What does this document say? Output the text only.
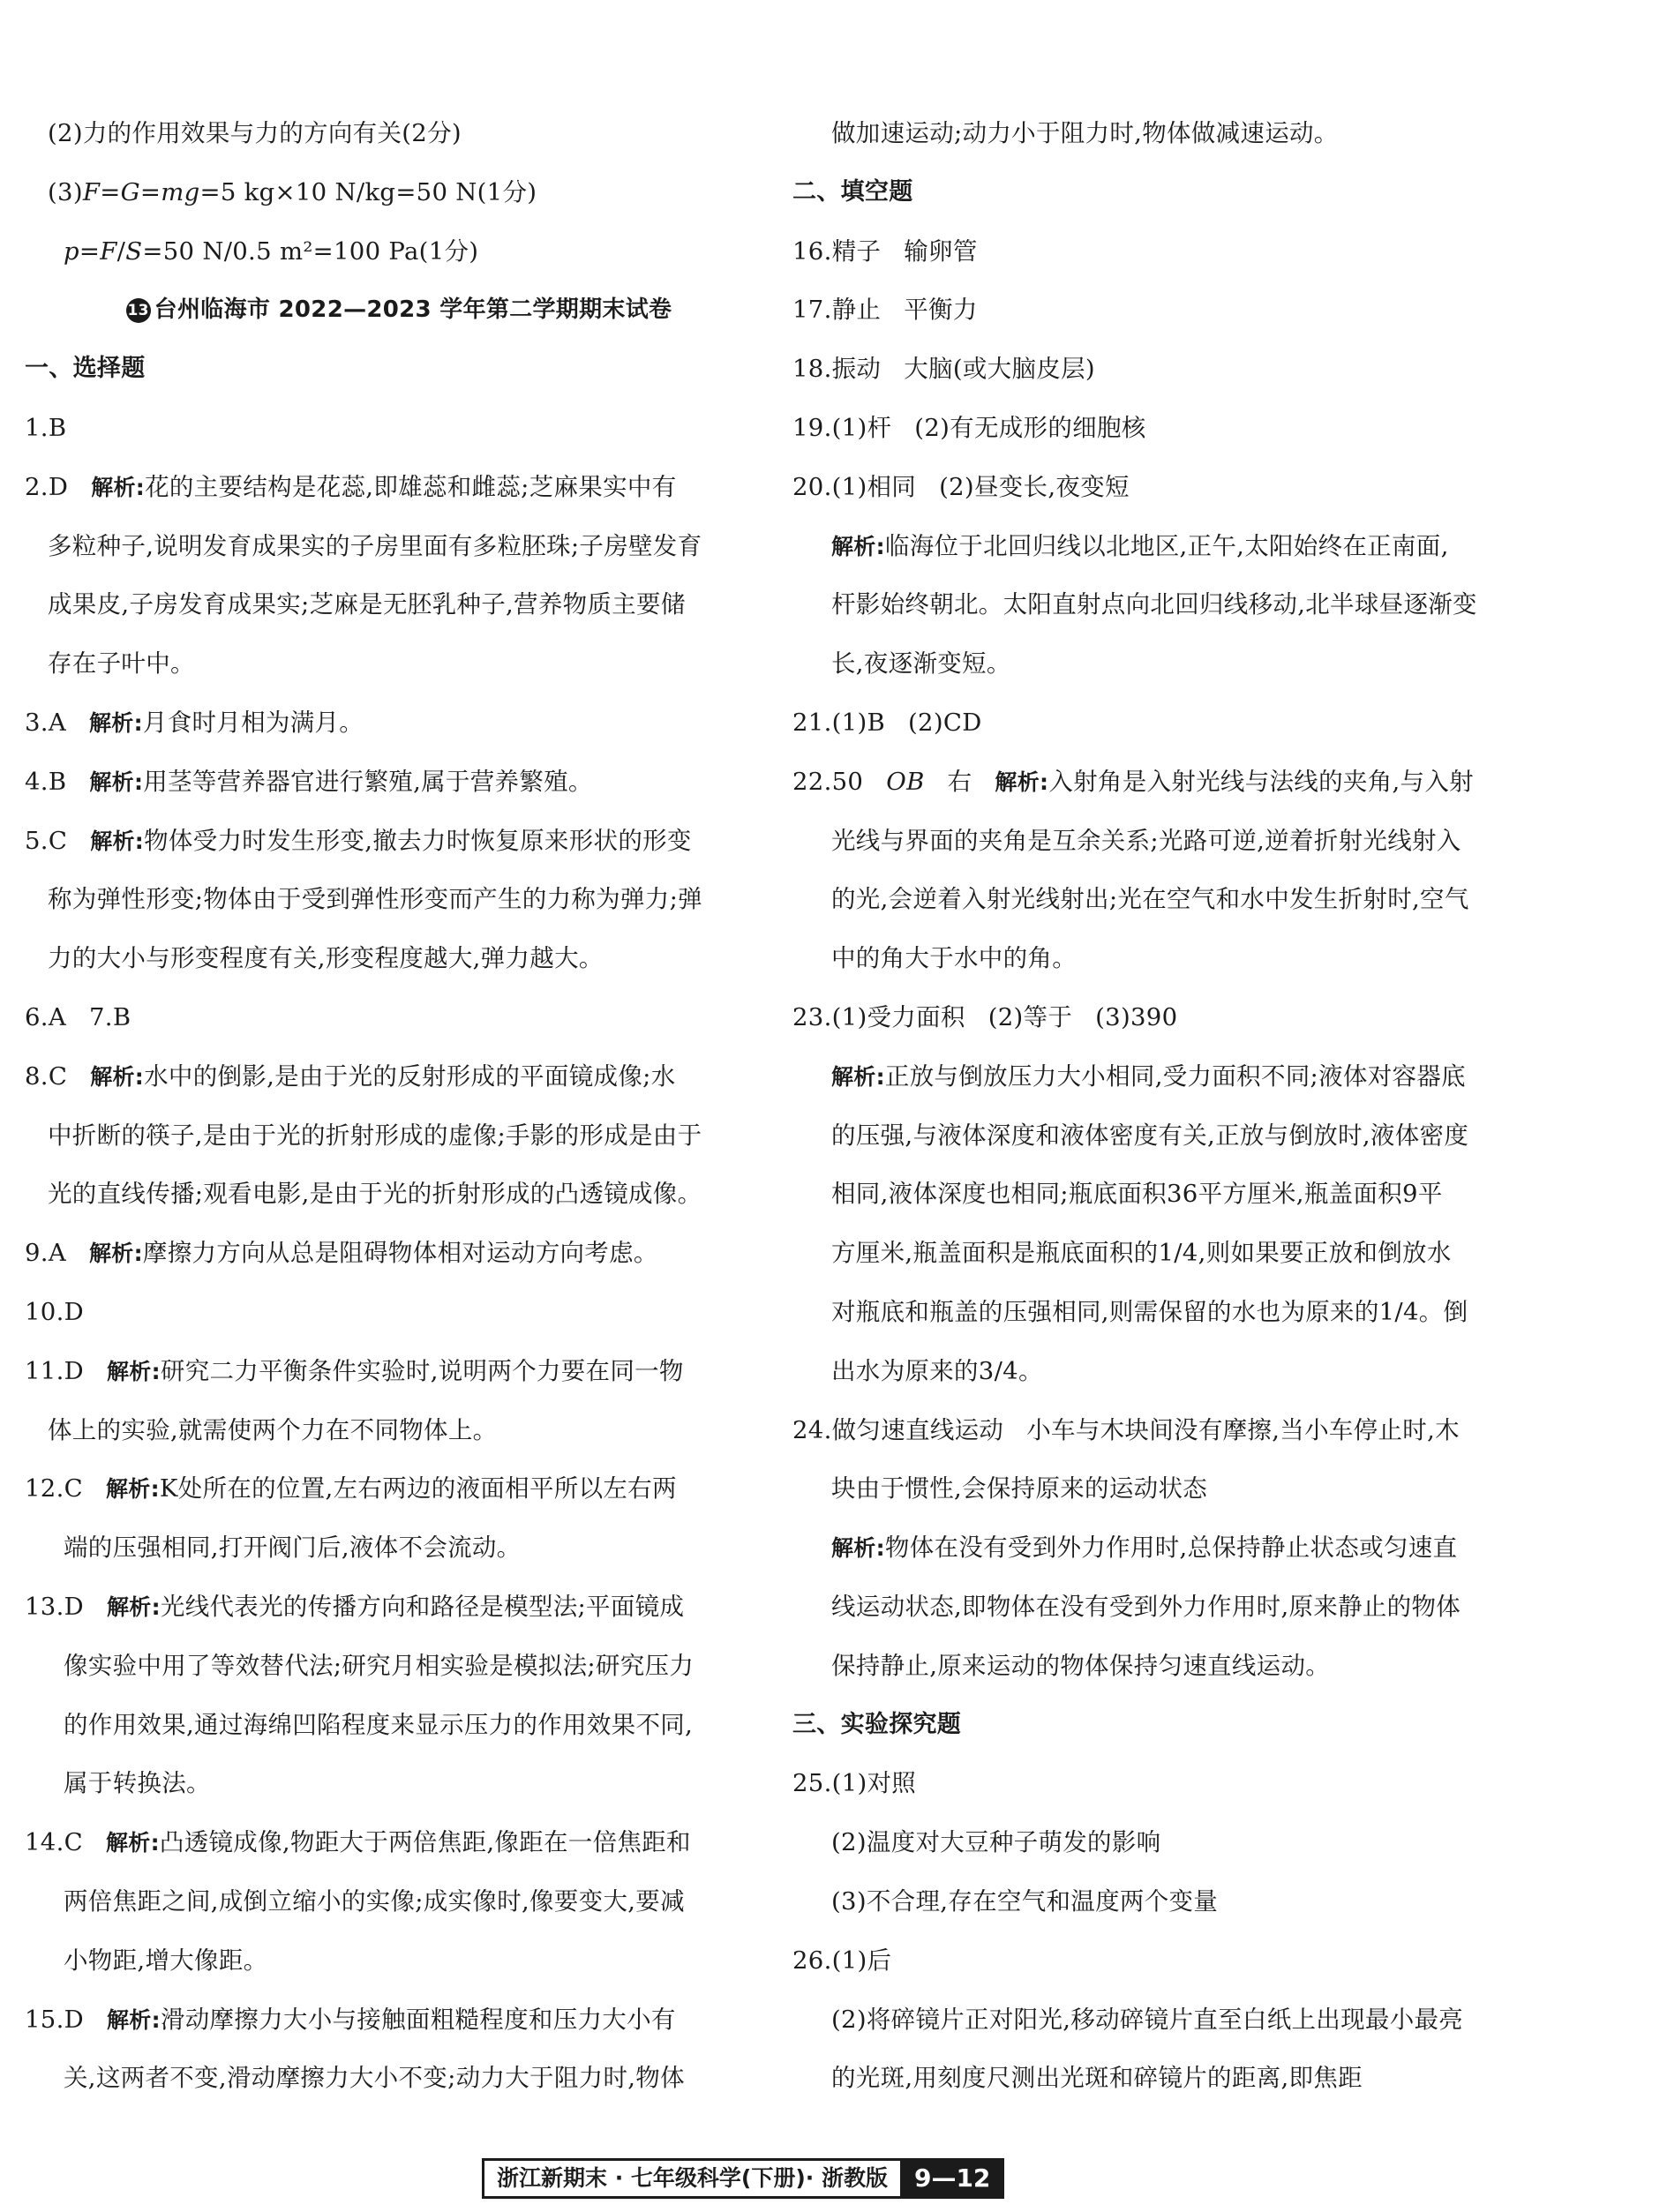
(2)力的作用效果与力的方向有关(2分)
(3)F=G=mg=5 kg×10 N/kg=50 N(1分)
p=F/S=50 N/0.5 m²=100 Pa(1分)
13 台州临海市 2022—2023 学年第二学期期末试卷
一、选择题
1.B
2.D 解析:花的主要结构是花蕊,即雄蕊和雌蕊;芝麻果实中有
多粒种子,说明发育成果实的子房里面有多粒胚珠;子房壁发育
成果皮,子房发育成果实;芝麻是无胚乳种子,营养物质主要储
存在子叶中。
3.A 解析:月食时月相为满月。
4.B 解析:用茎等营养器官进行繁殖,属于营养繁殖。
5.C 解析:物体受力时发生形变,撤去力时恢复原来形状的形变
称为弹性形变;物体由于受到弹性形变而产生的力称为弹力;弹
力的大小与形变程度有关,形变程度越大,弹力越大。
6.A 7.B
8.C 解析:水中的倒影,是由于光的反射形成的平面镜成像;水
中折断的筷子,是由于光的折射形成的虚像;手影的形成是由于
光的直线传播;观看电影,是由于光的折射形成的凸透镜成像。
9.A 解析:摩擦力方向从总是阻碍物体相对运动方向考虑。
10.D
11.D 解析:研究二力平衡条件实验时,说明两个力要在同一物
体上的实验,就需使两个力在不同物体上。
12.C 解析:K处所在的位置,左右两边的液面相平所以左右两
端的压强相同,打开阀门后,液体不会流动。
13.D 解析:光线代表光的传播方向和路径是模型法;平面镜成
像实验中用了等效替代法;研究月相实验是模拟法;研究压力
的作用效果,通过海绵凹陷程度来显示压力的作用效果不同,
属于转换法。
14.C 解析:凸透镜成像,物距大于两倍焦距,像距在一倍焦距和
两倍焦距之间,成倒立缩小的实像;成实像时,像要变大,要减
小物距,增大像距。
15.D 解析:滑动摩擦力大小与接触面粗糙程度和压力大小有
关,这两者不变,滑动摩擦力大小不变;动力大于阻力时,物体
做加速运动;动力小于阻力时,物体做减速运动。
二、填空题
16.精子 输卵管
17.静止 平衡力
18.振动 大脑(或大脑皮层)
19.(1)杆 (2)有无成形的细胞核
20.(1)相同 (2)昼变长,夜变短
解析:临海位于北回归线以北地区,正午,太阳始终在正南面,
杆影始终朝北。太阳直射点向北回归线移动,北半球昼逐渐变
长,夜逐渐变短。
21.(1)B (2)CD
22.50 OB 右 解析:入射角是入射光线与法线的夹角,与入射
光线与界面的夹角是互余关系;光路可逆,逆着折射光线射入
的光,会逆着入射光线射出;光在空气和水中发生折射时,空气
中的角大于水中的角。
23.(1)受力面积 (2)等于 (3)390
解析:正放与倒放压力大小相同,受力面积不同;液体对容器底
的压强,与液体深度和液体密度有关,正放与倒放时,液体密度
相同,液体深度也相同;瓶底面积36平方厘米,瓶盖面积9平
方厘米,瓶盖面积是瓶底面积的1/4,则如果要正放和倒放水
对瓶底和瓶盖的压强相同,则需保留的水也为原来的1/4。倒
出水为原来的3/4。
24.做匀速直线运动 小车与木块间没有摩擦,当小车停止时,木
块由于惯性,会保持原来的运动状态
解析:物体在没有受到外力作用时,总保持静止状态或匀速直
线运动状态,即物体在没有受到外力作用时,原来静止的物体
保持静止,原来运动的物体保持匀速直线运动。
三、实验探究题
25.(1)对照
(2)温度对大豆种子萌发的影响
(3)不合理,存在空气和温度两个变量
26.(1)后
(2)将碎镜片正对阳光,移动碎镜片直至白纸上出现最小最亮
的光斑,用刻度尺测出光斑和碎镜片的距离,即焦距
浙江新期末 · 七年级科学(下册)· 浙教版	9—12
